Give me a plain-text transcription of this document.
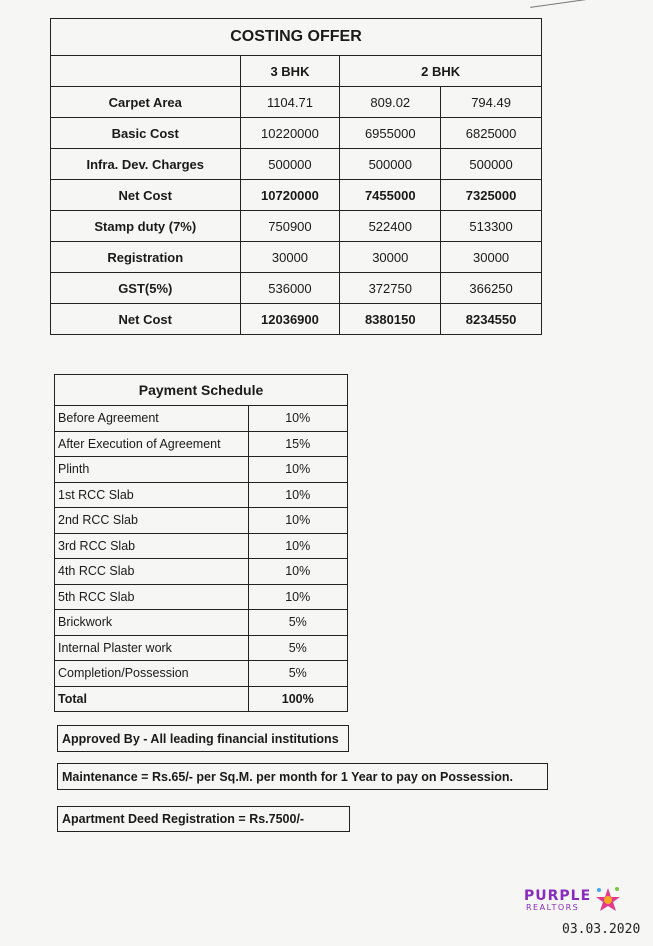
COSTING OFFER			
	3 BHK	2 BHK	
Carpet Area	1104.71	809.02	794.49
Basic Cost	10220000	6955000	6825000
Infra. Dev. Charges	500000	500000	500000
Net Cost	10720000	7455000	7325000
Stamp duty (7%)	750900	522400	513300
Registration	30000	30000	30000
GST(5%)	536000	372750	366250
Net Cost	12036900	8380150	8234550
Payment Schedule	
Before Agreement	10%
After Execution of Agreement	15%
Plinth	10%
1st RCC Slab	10%
2nd RCC Slab	10%
3rd RCC Slab	10%
4th RCC Slab	10%
5th RCC Slab	10%
Brickwork	5%
Internal Plaster work	5%
Completion/Possession	5%
Total	100%
Approved By - All leading financial institutions
Maintenance = Rs.65/- per Sq.M. per month for 1 Year to pay on Possession.
Apartment Deed Registration = Rs.7500/-
PURPLE
REALTORS
03.03.2020
